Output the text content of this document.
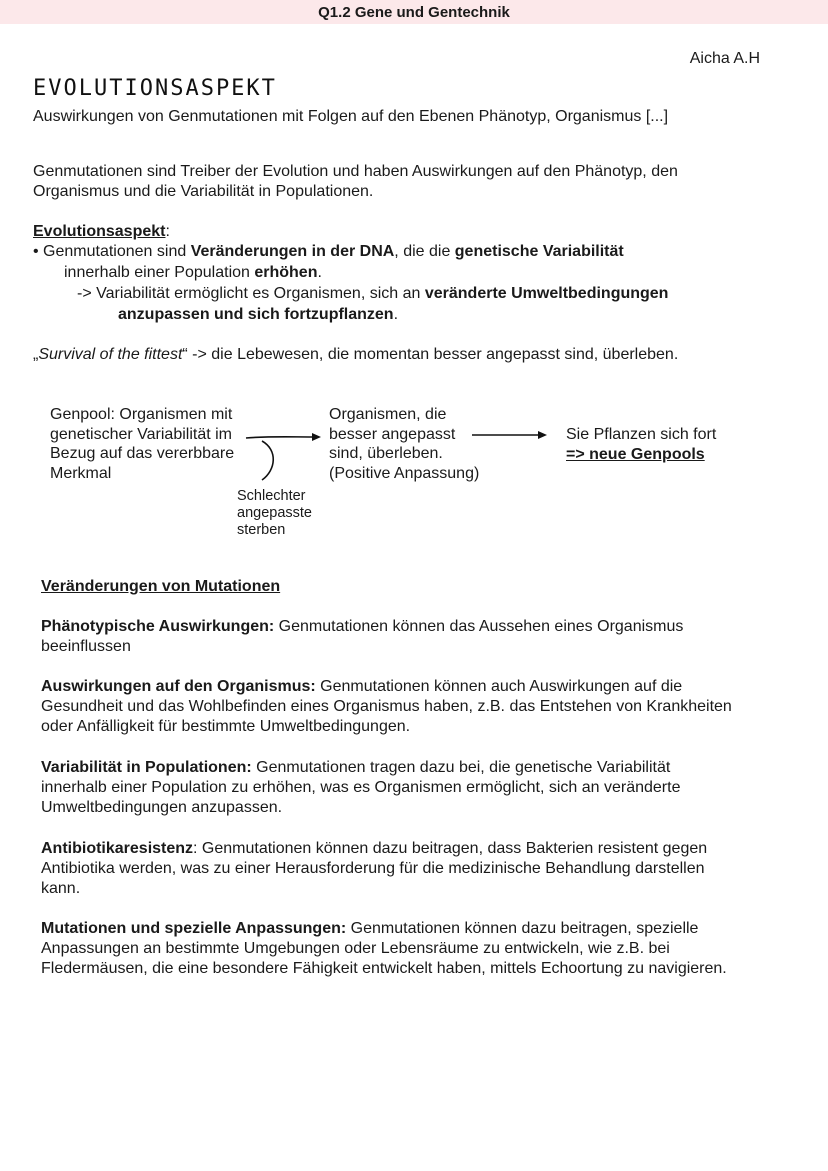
Q1.2 Gene und Gentechnik
Aicha A.H
EVOLUTIONSASPEKT
Auswirkungen von Genmutationen mit Folgen auf den Ebenen Phänotyp, Organismus [...]

Genmutationen sind Treiber der Evolution und haben Auswirkungen auf den Phänotyp, den
Organismus und die Variabilität in Populationen.

Evolutionsaspekt:

• Genmutationen sind Veränderungen in der DNA, die die genetische Variabilität

innerhalb einer Population erhöhen.

-> Variabilität ermöglicht es Organismen, sich an veränderte Umweltbedingungen

anzupassen und sich fortzupflanzen.

„Survival of the fittest“ -> die Lebewesen, die momentan besser angepasst sind, überleben.

Genpool: Organismen mit
genetischer Variabilität im
Bezug auf das vererbbare
Merkmal
Organismen, die
besser angepasst
sind, überleben.
(Positive Anpassung)
Sie Pflanzen sich fort
=> neue Genpools
Schlechter
angepasste
sterben

Veränderungen von Mutationen

Phänotypische Auswirkungen: Genmutationen können das Aussehen eines Organismus
beeinflussen

Auswirkungen auf den Organismus: Genmutationen können auch Auswirkungen auf die
Gesundheit und das Wohlbefinden eines Organismus haben, z.B. das Entstehen von Krankheiten
oder Anfälligkeit für bestimmte Umweltbedingungen.

Variabilität in Populationen: Genmutationen tragen dazu bei, die genetische Variabilität
innerhalb einer Population zu erhöhen, was es Organismen ermöglicht, sich an veränderte
Umweltbedingungen anzupassen.

Antibiotikaresistenz: Genmutationen können dazu beitragen, dass Bakterien resistent gegen
Antibiotika werden, was zu einer Herausforderung für die medizinische Behandlung darstellen
kann.

Mutationen und spezielle Anpassungen: Genmutationen können dazu beitragen, spezielle
Anpassungen an bestimmte Umgebungen oder Lebensräume zu entwickeln, wie z.B. bei
Fledermäusen, die eine besondere Fähigkeit entwickelt haben, mittels Echoortung zu navigieren.
